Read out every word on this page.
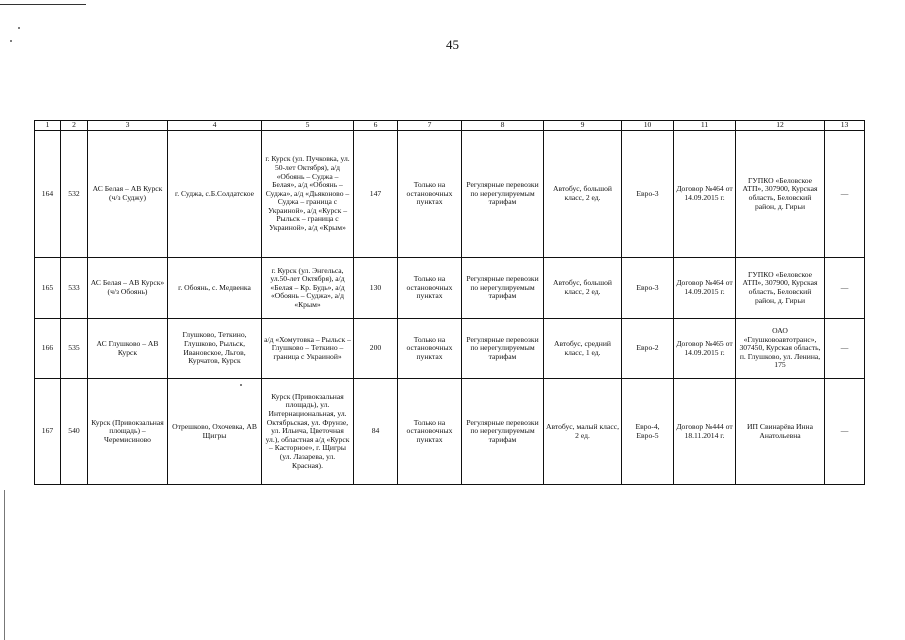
45
1	2	3	4	5	6	7	8	9	10	11	12	13
164	532	АС Белая – АВ Курск (ч/з Суджу)	г. Суджа, с.Б.Солдатское	г. Курск (ул. Пучковка, ул. 50-лет Октября), а/д «Обоянь – Суджа – Белая», а/д «Обоянь – Суджа», а/д «Дьяконово – Суджа – граница с Украиной», а/д «Курск – Рыльск – граница с Украиной», а/д «Крым»	147	Только на остановочных пунктах	Регулярные перевозки по нерегулируемым тарифам	Автобус, большой класс, 2 ед.	Евро-3	Договор №464 от 14.09.2015 г.	ГУПКО «Беловское АТП», 307900, Курская область, Беловский район, д. Гирьи	—
165	533	АС Белая – АВ Курск» (ч/з Обоянь)	г. Обоянь, с. Медвенка	г. Курск (ул. Энгельса, ул.50-лет Октября), а/д «Белая – Кр. Будь», а/д «Обоянь – Суджа», а/д «Крым»	130	Только на остановочных пунктах	Регулярные перевозки по нерегулируемым тарифам	Автобус, большой класс, 2 ед.	Евро-3	Договор №464 от 14.09.2015 г.	ГУПКО «Беловское АТП», 307900, Курская область, Беловский район, д. Гирьи	—
166	535	АС Глушково – АВ Курск	Глушково, Теткино, Глушково, Рыльск, Ивановское, Льгов, Курчатов, Курск	а/д «Хомутовка – Рыльск – Глушково – Теткино – граница с Украиной»	200	Только на остановочных пунктах	Регулярные перевозки по нерегулируемым тарифам	Автобус, средний класс, 1 ед.	Евро-2	Договор №465 от 14.09.2015 г.	ОАО «Глушковоавтотранс», 307450, Курская область, п. Глушково, ул. Ленина, 175	—
167	540	Курск (Привокзальная площадь) – Черемисиново	Отрешково, Охочевка, АВ Щигры	Курск (Привокзальная площадь), ул. Интернациональная, ул. Октябрьская, ул. Фрунзе, ул. Ильича, Цветочная ул.), областная а/д «Курск – Касторное», г. Щигры (ул. Лазарева, ул. Красная).	84	Только на остановочных пунктах	Регулярные перевозки по нерегулируемым тарифам	Автобус, малый класс, 2 ед.	Евро-4, Евро-5	Договор №444 от 18.11.2014 г.	ИП Свинарёва Инна Анатольевна	—
